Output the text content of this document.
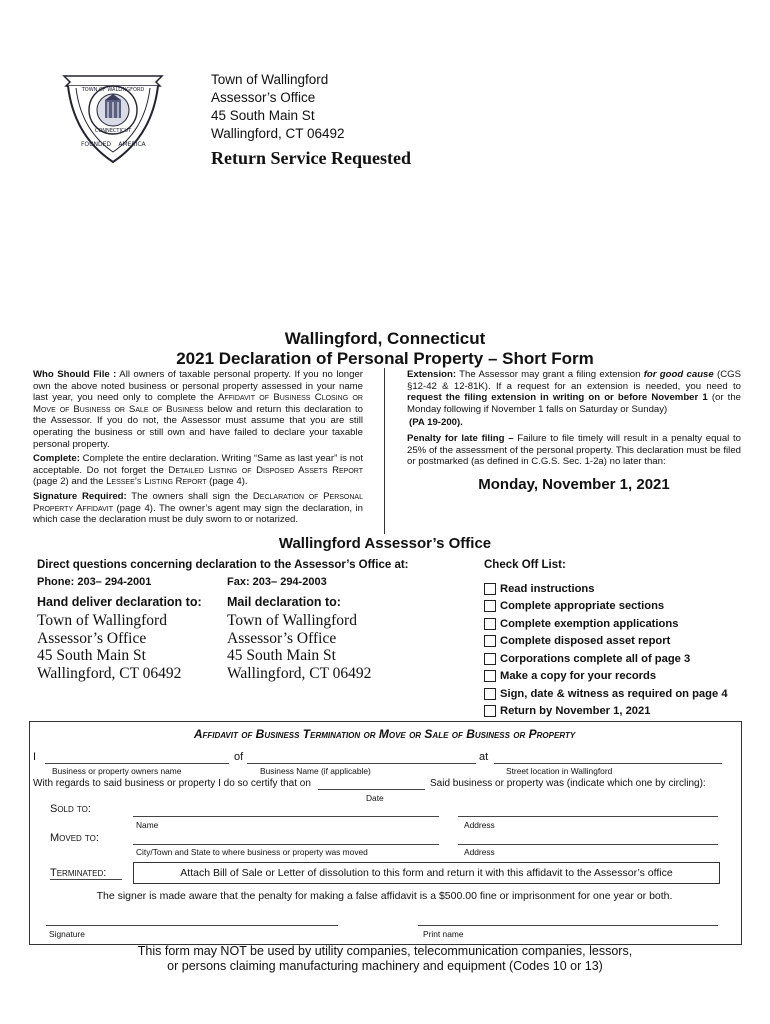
TOWN OF WALLINGFORD
CONNECTICUT
FOUNDED AMERICA
Town of Wallingford
Assessor’s Office
45 South Main St
Wallingford, CT 06492
Return Service Requested
Wallingford, Connecticut
2021 Declaration of Personal Property – Short Form

Who Should File : All owners of taxable personal property. If you no longer own the above noted business or personal property assessed in your name last year, you need only to complete the Affidavit of Business Closing or Move of Business or Sale of Business below and return this declaration to the Assessor. If you do not, the Assessor must assume that you are still operating the business or still own and have failed to declare your taxable personal property.

Complete: Complete the entire declaration. Writing “Same as last year” is not acceptable. Do not forget the Detailed Listing of Disposed Assets Report (page 2) and the Lessee’s Listing Report (page 4).

Signature Required: The owners shall sign the Declaration of Personal Property Affidavit (page 4). The owner’s agent may sign the declaration, in which case the declaration must be duly sworn to or notarized.

Extension: The Assessor may grant a filing extension for good cause (CGS §12-42 & 12-81K). If a request for an extension is needed, you need to request the filing extension in writing on or before November 1 (or the Monday following if November 1 falls on Saturday or Sunday)

(PA 19-200).

Penalty for late filing – Failure to file timely will result in a penalty equal to 25% of the assessment of the personal property. This declaration must be filed or postmarked (as defined in C.G.S. Sec. 1-2a) no later than:

Monday, November 1, 2021
Wallingford Assessor’s Office
Direct questions concerning declaration to the Assessor’s Office at:
Phone: 203– 294-2001	Fax: 203– 294-2003
Hand deliver declaration to: Mail declaration to:
Town of Wallingford
Assessor’s Office
45 South Main St
Wallingford, CT 06492
Town of Wallingford
Assessor’s Office
45 South Main St
Wallingford, CT 06492
Check Off List:
Read instructions
Complete appropriate sections
Complete exemption applications
Complete disposed asset report
Corporations complete all of page 3
Make a copy for your records
Sign, date & witness as required on page 4
Return by November 1, 2021
Affidavit of Business Termination or Move or Sale of Business or Property
I	of	at
Business or property owners name	Business Name (if applicable)	Street location in Wallingford
With regards to said business or property I do so certify that on	Said business or property was (indicate which one by circling):
Date
Sold to:
Name	Address
Moved to:
City/Town and State to where business or property was moved	Address
Terminated:	Attach Bill of Sale or Letter of dissolution to this form and return it with this affidavit to the Assessor’s office
The signer is made aware that the penalty for making a false affidavit is a $500.00 fine or imprisonment for one year or both.
Signature	Print name
This form may NOT be used by utility companies, telecommunication companies, lessors,
or persons claiming manufacturing machinery and equipment (Codes 10 or 13)
